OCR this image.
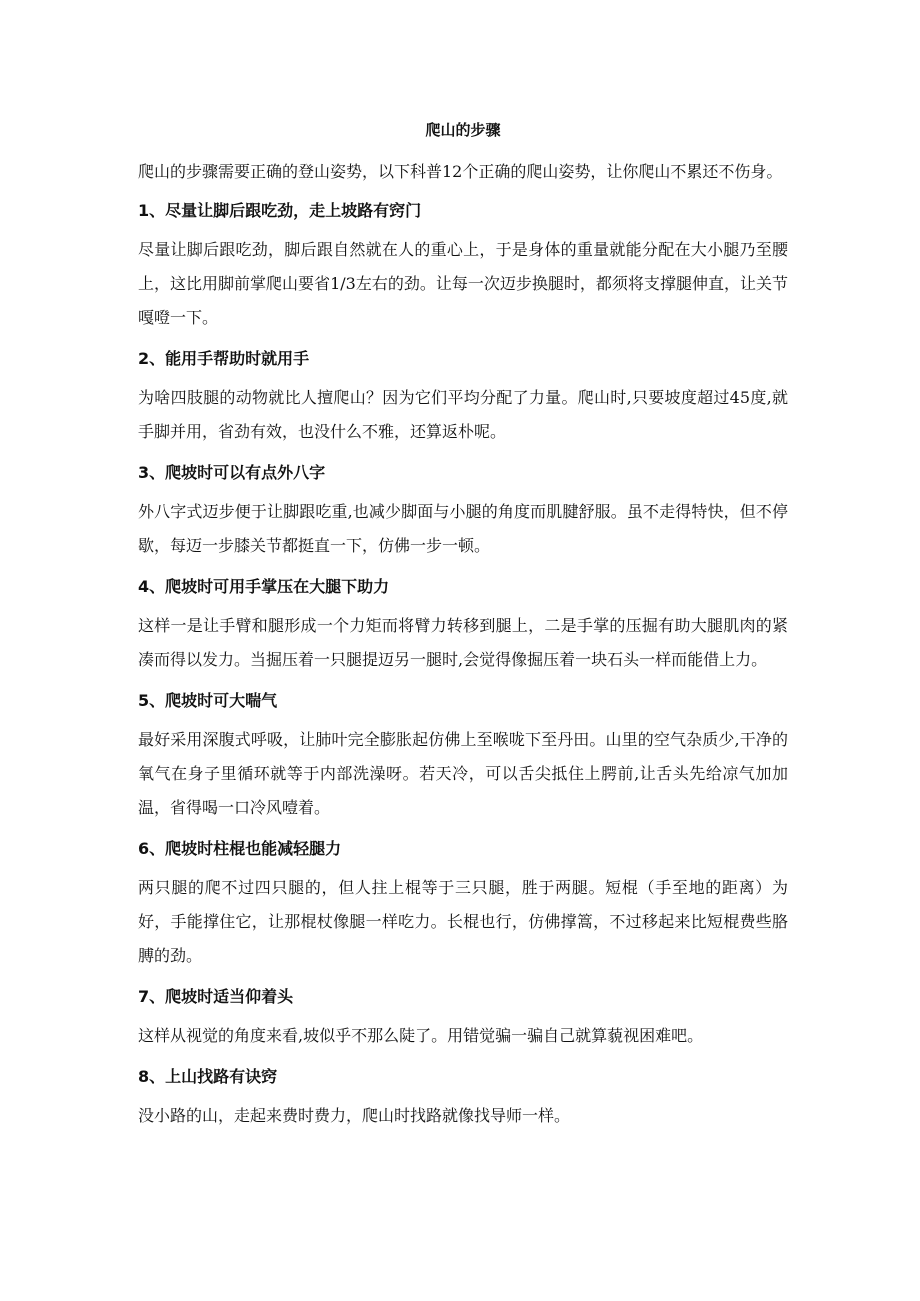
爬山的步骤

爬山的步骤需要正确的登山姿势，以下科普12个正确的爬山姿势，让你爬山不累还不伤身。

1、尽量让脚后跟吃劲，走上坡路有窍门

尽量让脚后跟吃劲，脚后跟自然就在人的重心上，于是身体的重量就能分配在大小腿乃至腰上，这比用脚前掌爬山要省1/3左右的劲。让每一次迈步换腿时，都须将支撑腿伸直，让关节嘎噔一下。

2、能用手帮助时就用手

为啥四肢腿的动物就比人擅爬山？因为它们平均分配了力量。爬山时,只要坡度超过45度,就手脚并用，省劲有效，也没什么不雅，还算返朴呢。

3、爬坡时可以有点外八字

外八字式迈步便于让脚跟吃重,也减少脚面与小腿的角度而肌腱舒服。虽不走得特快，但不停歇，每迈一步膝关节都挺直一下，仿佛一步一顿。

4、爬坡时可用手掌压在大腿下助力

这样一是让手臂和腿形成一个力矩而将臂力转移到腿上，二是手掌的压掘有助大腿肌肉的紧凑而得以发力。当掘压着一只腿提迈另一腿时,会觉得像掘压着一块石头一样而能借上力。

5、爬坡时可大喘气

最好采用深腹式呼吸，让肺叶完全膨胀起仿佛上至喉咙下至丹田。山里的空气杂质少,干净的氧气在身子里循环就等于内部洗澡呀。若天冷，可以舌尖抵住上腭前,让舌头先给凉气加加温，省得喝一口冷风噎着。

6、爬坡时柱棍也能减轻腿力

两只腿的爬不过四只腿的，但人拄上棍等于三只腿，胜于两腿。短棍（手至地的距离）为好，手能撑住它，让那棍杖像腿一样吃力。长棍也行，仿佛撑篙，不过移起来比短棍费些胳膊的劲。

7、爬坡时适当仰着头

这样从视觉的角度来看,坡似乎不那么陡了。用错觉骗一骗自己就算藐视困难吧。

8、上山找路有诀窍

没小路的山，走起来费时费力，爬山时找路就像找导师一样。
